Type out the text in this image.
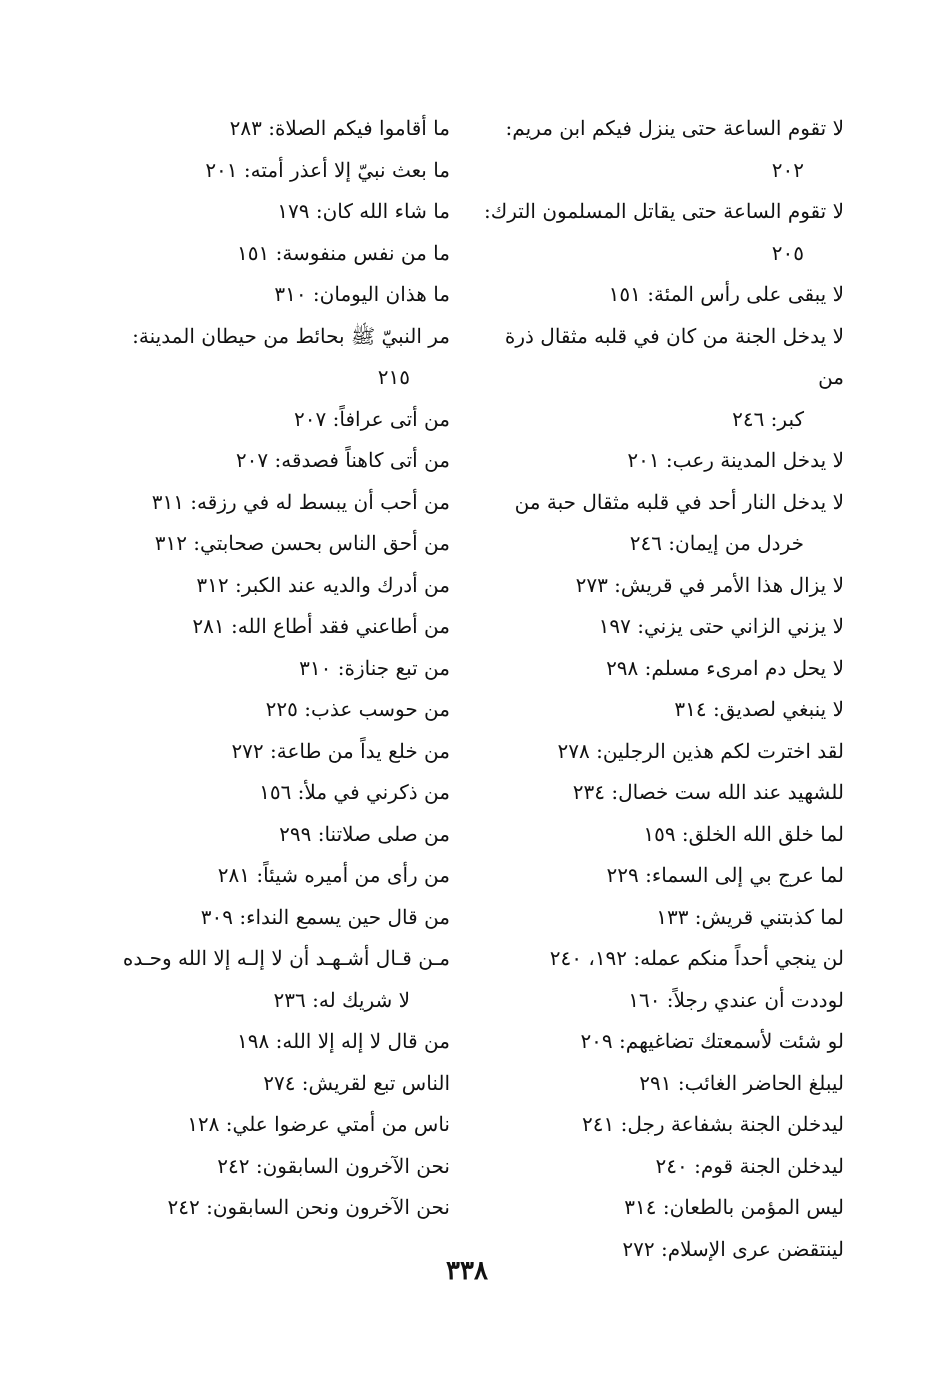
لا تقوم الساعة حتى ينزل فيكم ابن مريم:
٢٠٢
لا تقوم الساعة حتى يقاتل المسلمون الترك:
٢٠٥
لا يبقى على رأس المئة: ١٥١
لا يدخل الجنة من كان في قلبه مثقال ذرة من
كبر: ٢٤٦
لا يدخل المدينة رعب: ٢٠١
لا يدخل النار أحد في قلبه مثقال حبة من
خردل من إيمان: ٢٤٦
لا يزال هذا الأمر في قريش: ٢٧٣
لا يزني الزاني حتى يزني: ١٩٧
لا يحل دم امرىء مسلم: ٢٩٨
لا ينبغي لصديق: ٣١٤
لقد اخترت لكم هذين الرجلين: ٢٧٨
للشهيد عند الله ست خصال: ٢٣٤
لما خلق الله الخلق: ١٥٩
لما عرج بي إلى السماء: ٢٢٩
لما كذبتني قريش: ١٣٣
لن ينجي أحداً منكم عمله: ١٩٢، ٢٤٠
لوددت أن عندي رجلاً: ١٦٠
لو شئت لأسمعتك تضاغيهم: ٢٠٩
ليبلغ الحاضر الغائب: ٢٩١
ليدخلن الجنة بشفاعة رجل: ٢٤١
ليدخلن الجنة قوم: ٢٤٠
ليس المؤمن بالطعان: ٣١٤
لينتقضن عرى الإسلام: ٢٧٢
ما أقاموا فيكم الصلاة: ٢٨٣
ما بعث نبيّ إلا أعذر أمته: ٢٠١
ما شاء الله كان: ١٧٩
ما من نفس منفوسة: ١٥١
ما هذان اليومان: ٣١٠
مر النبيّ ﷺ بحائط من حيطان المدينة:
٢١٥
من أتى عرافاً: ٢٠٧
من أتى كاهناً فصدقه: ٢٠٧
من أحب أن يبسط له في رزقه: ٣١١
من أحق الناس بحسن صحابتي: ٣١٢
من أدرك والديه عند الكبر: ٣١٢
من أطاعني فقد أطاع الله: ٢٨١
من تبع جنازة: ٣١٠
من حوسب عذب: ٢٢٥
من خلع يداً من طاعة: ٢٧٢
من ذكرني في ملأ: ١٥٦
من صلى صلاتنا: ٢٩٩
من رأى من أميره شيئاً: ٢٨١
من قال حين يسمع النداء: ٣٠٩
مـن قـال أشـهـد أن لا إلـه إلا الله وحـده
لا شريك له: ٢٣٦
من قال لا إله إلا الله: ١٩٨
الناس تبع لقريش: ٢٧٤
ناس من أمتي عرضوا علي: ١٢٨
نحن الآخرون السابقون: ٢٤٢
نحن الآخرون ونحن السابقون: ٢٤٢
٣٣٨
